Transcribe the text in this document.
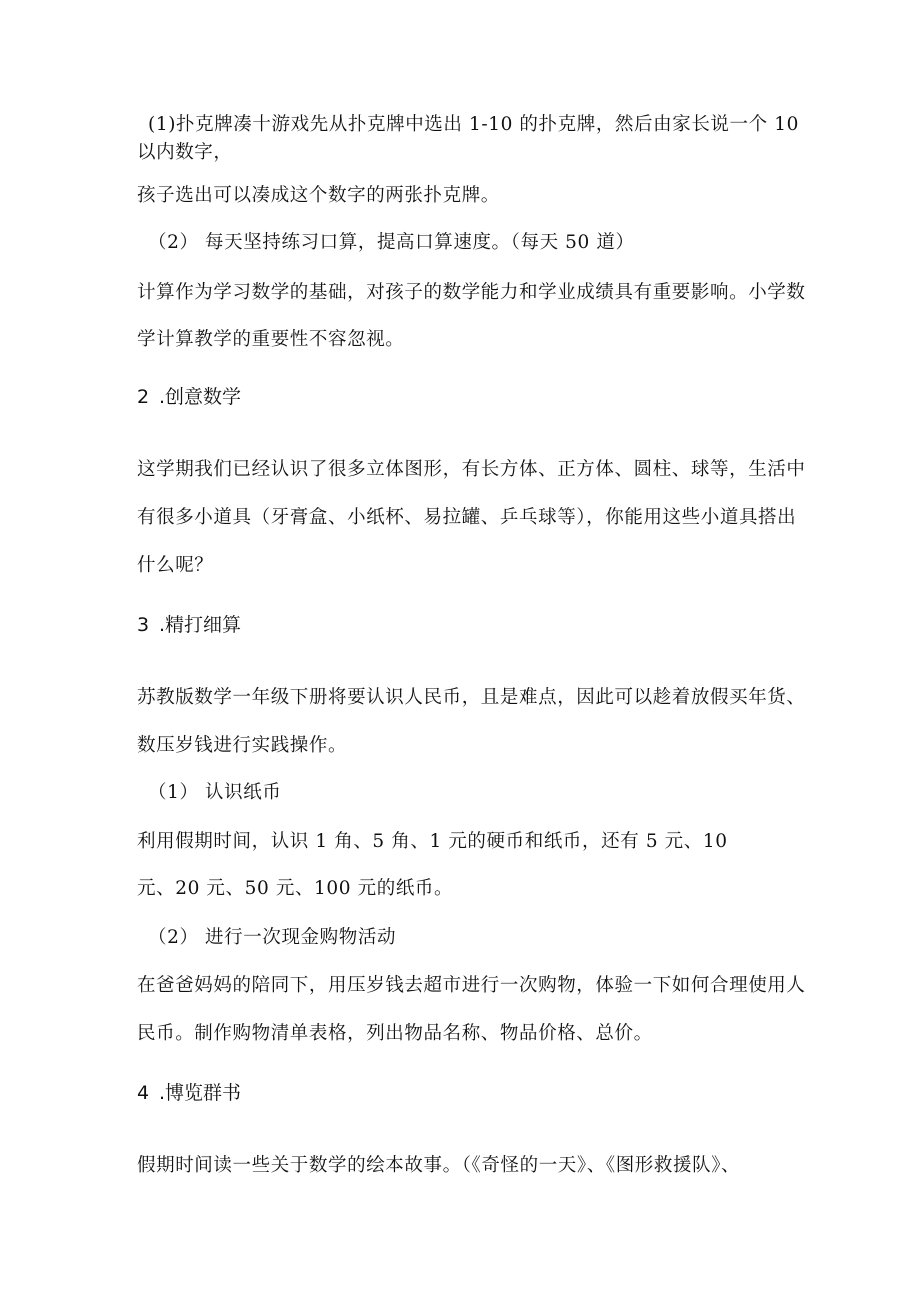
(1)扑克牌凑十游戏先从扑克牌中选出 1-10 的扑克牌，然后由家长说一个 10
以内数字，
孩子选出可以凑成这个数字的两张扑克牌。
（2） 每天坚持练习口算，提高口算速度。（每天 50 道）
计算作为学习数学的基础，对孩子的数学能力和学业成绩具有重要影响。小学数
学计算教学的重要性不容忽视。
2 .创意数学
这学期我们已经认识了很多立体图形，有长方体、正方体、圆柱、球等，生活中
有很多小道具（牙膏盒、小纸杯、易拉罐、乒乓球等），你能用这些小道具搭出
什么呢？
3 .精打细算
苏教版数学一年级下册将要认识人民币，且是难点，因此可以趁着放假买年货、
数压岁钱进行实践操作。
（1） 认识纸币
利用假期时间，认识 1 角、5 角、1 元的硬币和纸币，还有 5 元、10
元、20 元、50 元、100 元的纸币。
（2） 进行一次现金购物活动
在爸爸妈妈的陪同下，用压岁钱去超市进行一次购物，体验一下如何合理使用人
民币。制作购物清单表格，列出物品名称、物品价格、总价。
4 .博览群书
假期时间读一些关于数学的绘本故事。（《奇怪的一天》、《图形救援队》、
